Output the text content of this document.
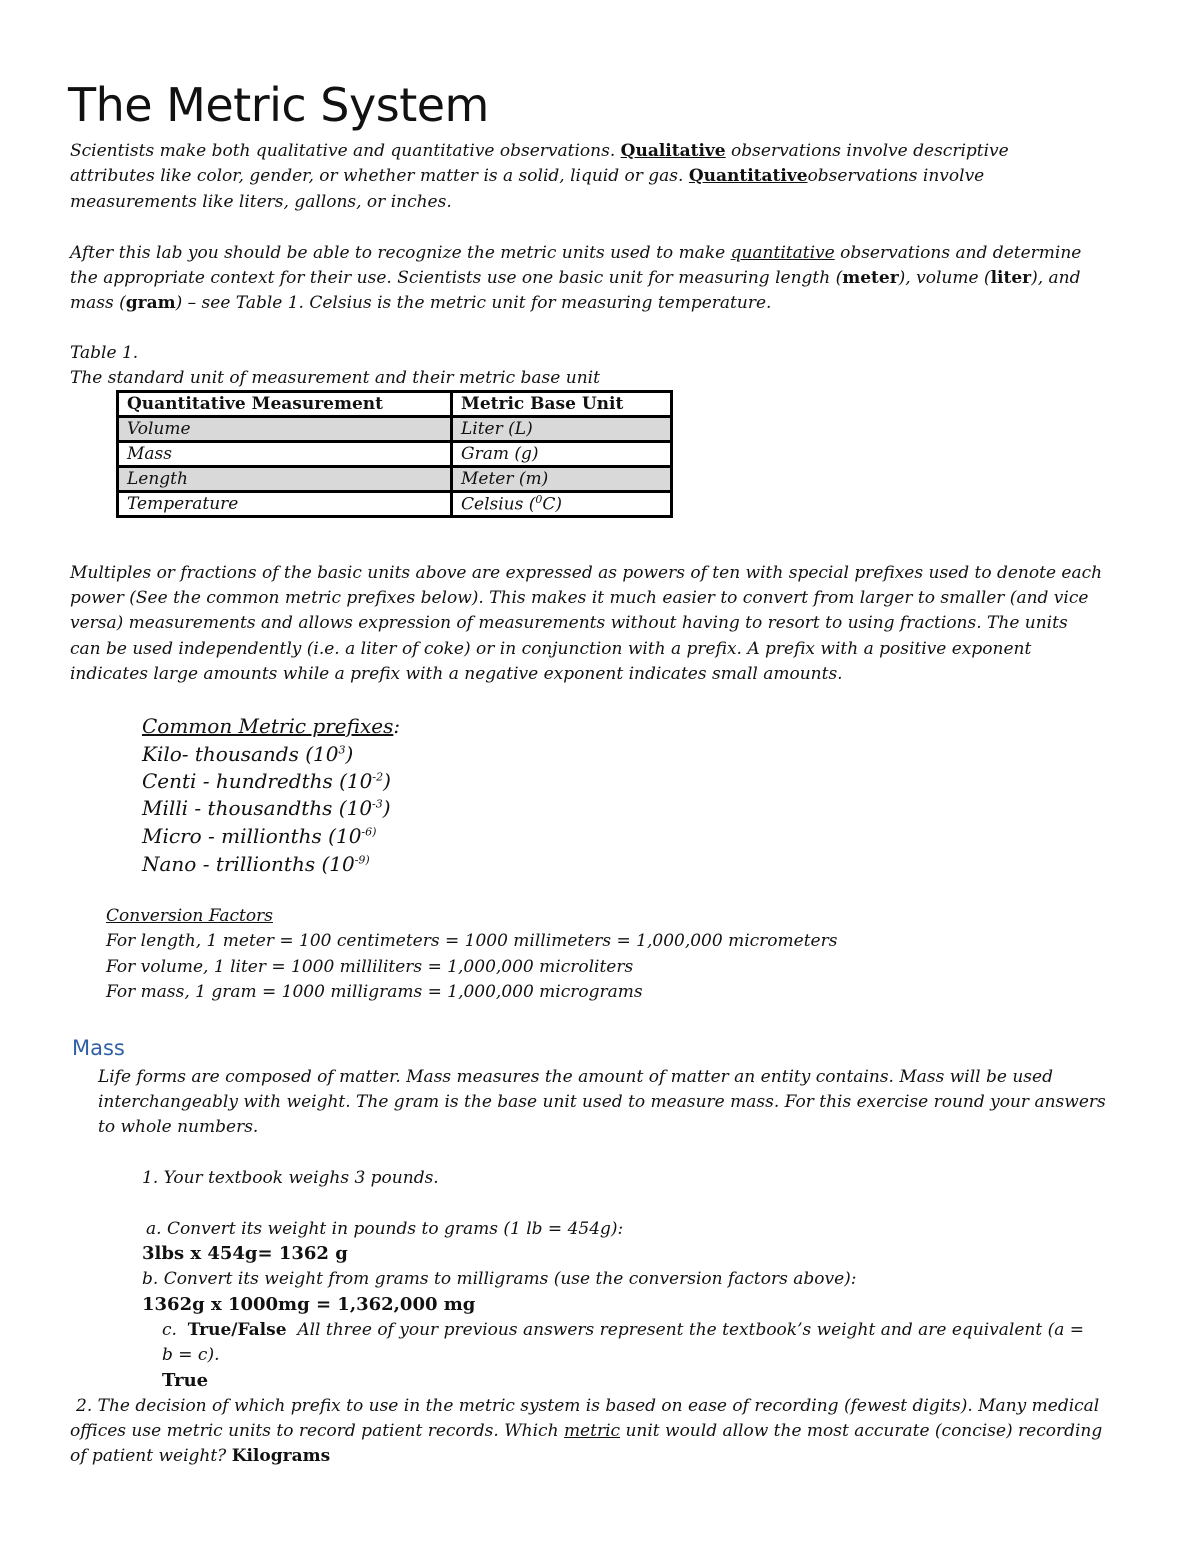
The Metric System
Scientists make both qualitative and quantitative observations. Qualitative observations involve descriptive
attributes like color, gender, or whether matter is a solid, liquid or gas. Quantitativeobservations involve
measurements like liters, gallons, or inches.
After this lab you should be able to recognize the metric units used to make quantitative observations and determine
the appropriate context for their use. Scientists use one basic unit for measuring length (meter), volume (liter), and
mass (gram) – see Table 1. Celsius is the metric unit for measuring temperature.
Table 1.
The standard unit of measurement and their metric base unit
Quantitative Measurement	Metric Base Unit
Volume	Liter (L)
Mass	Gram (g)
Length	Meter (m)
Temperature	Celsius ($^0$C)
Multiples or fractions of the basic units above are expressed as powers of ten with special prefixes used to denote each
power (See the common metric prefixes below). This makes it much easier to convert from larger to smaller (and vice
versa) measurements and allows expression of measurements without having to resort to using fractions. The units
can be used independently (i.e. a liter of coke) or in conjunction with a prefix. A prefix with a positive exponent
indicates large amounts while a prefix with a negative exponent indicates small amounts.
Common Metric prefixes:
Kilo- thousands $(10^3)$
Centi - hundredths $(10^{-2})$
Milli - thousandths $(10^{-3})$
Micro - millionths ($10^{-6)}$
Nano - trillionths ($10^{-9)}$
Conversion Factors
For length, 1 meter = 100 centimeters = 1000 millimeters = 1,000,000 micrometers
For volume, 1 liter = 1000 milliliters = 1,000,000 microliters
For mass, 1 gram = 1000 milligrams = 1,000,000 micrograms
Mass
Life forms are composed of matter. Mass measures the amount of matter an entity contains. Mass will be used
interchangeably with weight. The gram is the base unit used to measure mass. For this exercise round your answers
to whole numbers.
1. Your textbook weighs 3 pounds.
a. Convert its weight in pounds to grams (1 lb = 454g):
3lbs x 454g= 1362 g
b. Convert its weight from grams to milligrams (use the conversion factors above):
1362g x 1000mg = 1,362,000 mg
c. True/False All three of your previous answers represent the textbook’s weight and are equivalent (a =
b = c).
True
2. The decision of which prefix to use in the metric system is based on ease of recording (fewest digits). Many medical
offices use metric units to record patient records. Which metric unit would allow the most accurate (concise) recording
of patient weight? Kilograms
